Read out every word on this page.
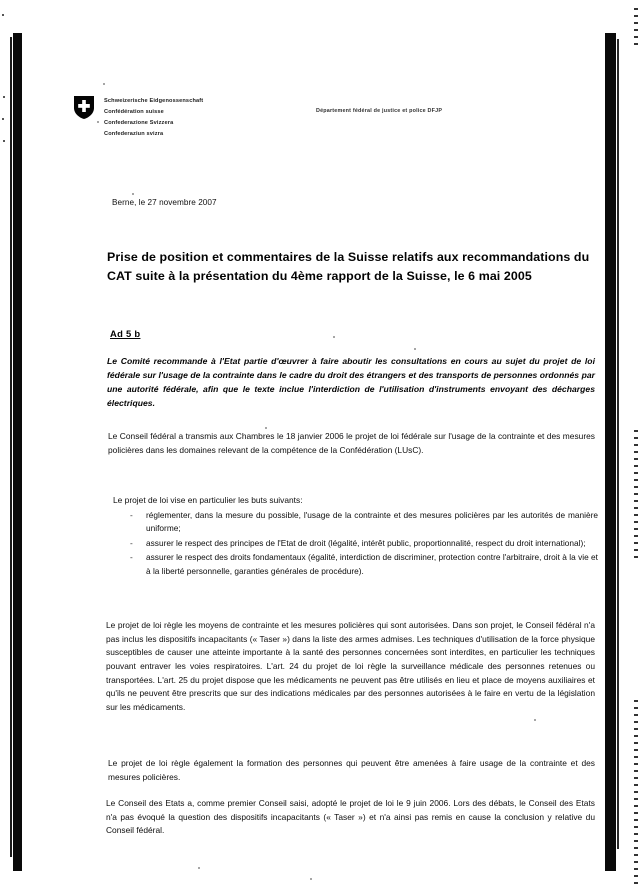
Schweizerische Eidgenossenschaft
Confédération suisse
Confederazione Svizzera
Confederaziun svizra
Département fédéral de justice et police DFJP
Berne, le 27 novembre 2007
Prise de position et commentaires de la Suisse relatifs aux recommandations du CAT suite à la présentation du 4ème rapport de la Suisse, le 6 mai 2005
Ad 5 b
Le Comité recommande à l'Etat partie d'œuvrer à faire aboutir les consultations en cours au sujet du projet de loi fédérale sur l'usage de la contrainte dans le cadre du droit des étrangers et des transports de personnes ordonnés par une autorité fédérale, afin que le texte inclue l'interdiction de l'utilisation d'instruments envoyant des décharges électriques.
Le Conseil fédéral a transmis aux Chambres le 18 janvier 2006 le projet de loi fédérale sur l'usage de la contrainte et des mesures policières dans les domaines relevant de la compétence de la Confédération (LUsC).
Le projet de loi vise en particulier les buts suivants:
- réglementer, dans la mesure du possible, l'usage de la contrainte et des mesures policières par les autorités de manière uniforme;
- assurer le respect des principes de l'Etat de droit (légalité, intérêt public, proportionnalité, respect du droit international);
- assurer le respect des droits fondamentaux (égalité, interdiction de discriminer, protection contre l'arbitraire, droit à la vie et à la liberté personnelle, garanties générales de procédure).
Le projet de loi règle les moyens de contrainte et les mesures policières qui sont autorisées. Dans son projet, le Conseil fédéral n'a pas inclus les dispositifs incapacitants (« Taser ») dans la liste des armes admises. Les techniques d'utilisation de la force physique susceptibles de causer une atteinte importante à la santé des personnes concernées sont interdites, en particulier les techniques pouvant entraver les voies respiratoires. L'art. 24 du projet de loi règle la surveillance médicale des personnes retenues ou transportées. L'art. 25 du projet dispose que les médicaments ne peuvent pas être utilisés en lieu et place de moyens auxiliaires et qu'ils ne peuvent être prescrits que sur des indications médicales par des personnes autorisées à le faire en vertu de la législation sur les médicaments.
Le projet de loi règle également la formation des personnes qui peuvent être amenées à faire usage de la contrainte et des mesures policières.
Le Conseil des Etats a, comme premier Conseil saisi, adopté le projet de loi le 9 juin 2006. Lors des débats, le Conseil des Etats n'a pas évoqué la question des dispositifs incapacitants (« Taser ») et n'a ainsi pas remis en cause la conclusion y relative du Conseil fédéral.
